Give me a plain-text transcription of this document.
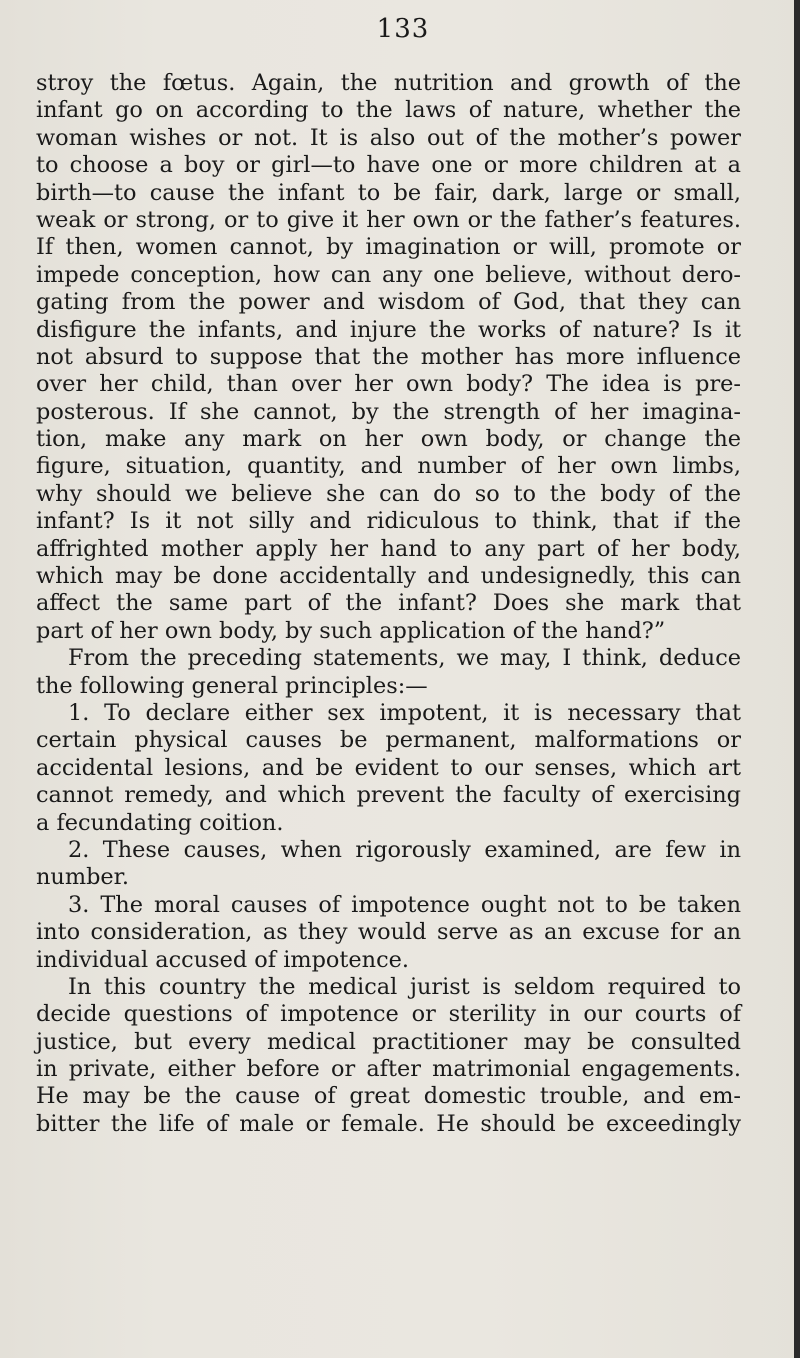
133
stroy the fœtus. Again, the nutrition and growth of the
infant go on according to the laws of nature, whether the
woman wishes or not. It is also out of the mother’s power
to choose a boy or girl—to have one or more children at a
birth—to cause the infant to be fair, dark, large or small,
weak or strong, or to give it her own or the father’s features.
If then, women cannot, by imagination or will, promote or
impede conception, how can any one believe, without dero-
gating from the power and wisdom of God, that they can
disfigure the infants, and injure the works of nature? Is it
not absurd to suppose that the mother has more influence
over her child, than over her own body? The idea is pre-
posterous. If she cannot, by the strength of her imagina-
tion, make any mark on her own body, or change the
figure, situation, quantity, and number of her own limbs,
why should we believe she can do so to the body of the
infant? Is it not silly and ridiculous to think, that if the
affrighted mother apply her hand to any part of her body,
which may be done accidentally and undesignedly, this can
affect the same part of the infant? Does she mark that
part of her own body, by such application of the hand?”
From the preceding statements, we may, I think, deduce
the following general principles:—
1. To declare either sex impotent, it is necessary that
certain physical causes be permanent, malformations or
accidental lesions, and be evident to our senses, which art
cannot remedy, and which prevent the faculty of exercising
a fecundating coition.
2. These causes, when rigorously examined, are few in
number.
3. The moral causes of impotence ought not to be taken
into consideration, as they would serve as an excuse for an
individual accused of impotence.
In this country the medical jurist is seldom required to
decide questions of impotence or sterility in our courts of
justice, but every medical practitioner may be consulted
in private, either before or after matrimonial engagements.
He may be the cause of great domestic trouble, and em-
bitter the life of male or female. He should be exceedingly
